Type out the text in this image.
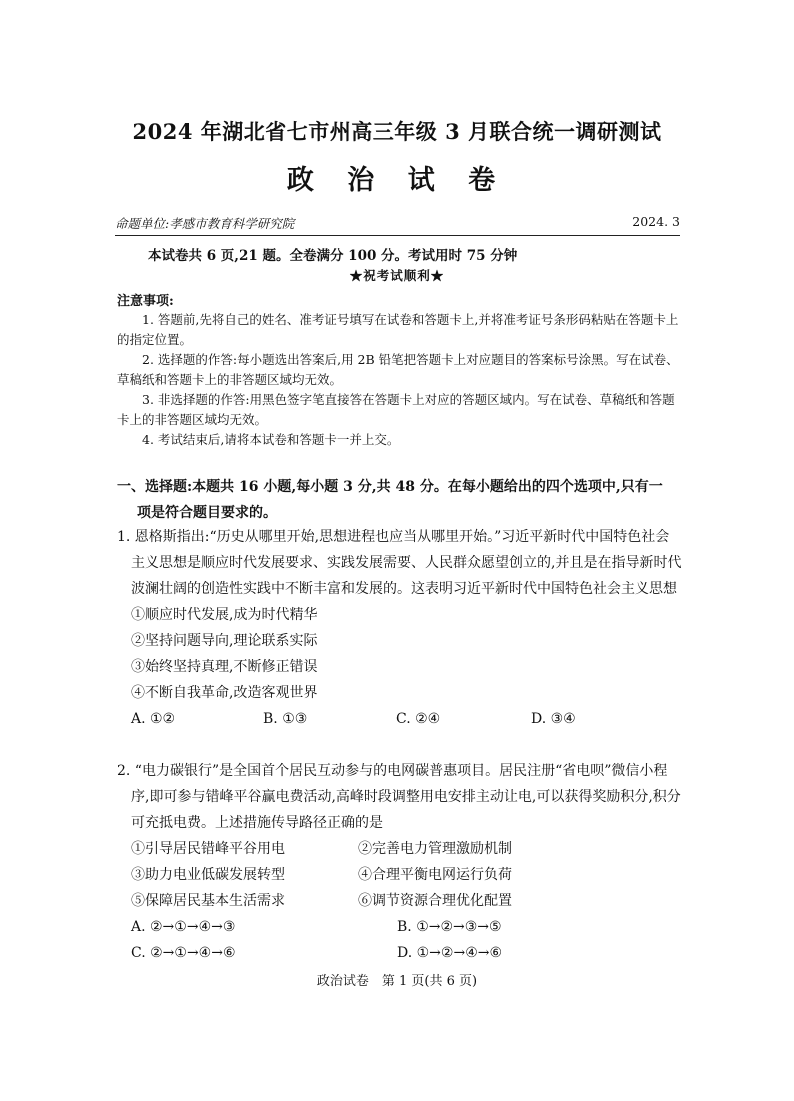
2024 年湖北省七市州高三年级 3 月联合统一调研测试
政 治 试 卷
命题单位:孝感市教育科学研究院	2024. 3
本试卷共 6 页,21 题。全卷满分 100 分。考试用时 75 分钟
★祝考试顺利★
注意事项:

1. 答题前,先将自己的姓名、准考证号填写在试卷和答题卡上,并将准考证号条形码粘贴在答题卡上的指定位置。

2. 选择题的作答:每小题选出答案后,用 2B 铅笔把答题卡上对应题目的答案标号涂黑。写在试卷、草稿纸和答题卡上的非答题区域均无效。

3. 非选择题的作答:用黑色签字笔直接答在答题卡上对应的答题区域内。写在试卷、草稿纸和答题卡上的非答题区域均无效。

4. 考试结束后,请将本试卷和答题卡一并上交。

一、选择题:本题共 16 小题,每小题 3 分,共 48 分。在每小题给出的四个选项中,只有一
项是符合题目要求的。

1. 恩格斯指出:“历史从哪里开始,思想进程也应当从哪里开始。”习近平新时代中国特色社会主义思想是顺应时代发展要求、实践发展需要、人民群众愿望创立的,并且是在指导新时代波澜壮阔的创造性实践中不断丰富和发展的。这表明习近平新时代中国特色社会主义思想

①顺应时代发展,成为时代精华
②坚持问题导向,理论联系实际
③始终坚持真理,不断修正错误
④不断自我革命,改造客观世界
A. ①②	B. ①③	C. ②④	D. ③④

2. “电力碳银行”是全国首个居民互动参与的电网碳普惠项目。居民注册“省电呗”微信小程序,即可参与错峰平谷赢电费活动,高峰时段调整用电安排主动让电,可以获得奖励积分,积分可充抵电费。上述措施传导路径正确的是

①引导居民错峰平谷用电	②完善电力管理激励机制
③助力电业低碳发展转型	④合理平衡电网运行负荷
⑤保障居民基本生活需求	⑥调节资源合理优化配置
A. ②→①→④→③	B. ①→②→③→⑤
C. ②→①→④→⑥	D. ①→②→④→⑥
政治试卷　第 1 页(共 6 页)
